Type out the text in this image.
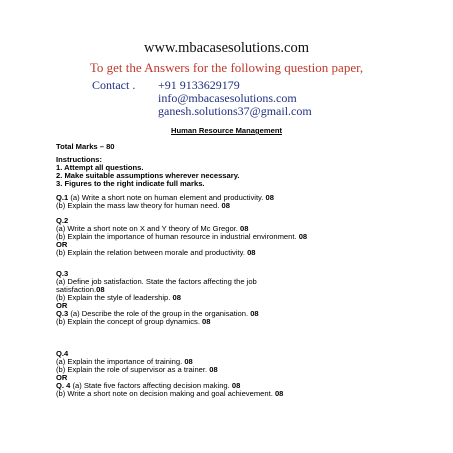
www.mbacasesolutions.com
To get the Answers for the following question paper,
Contact . +91 9133629179
info@mbacasesolutions.com
ganesh.solutions37@gmail.com
Human Resource Management
Total Marks – 80
Instructions:
1. Attempt all questions.
2. Make suitable assumptions wherever necessary.
3. Figures to the right indicate full marks.
Q.1 (a) Write a short note on human element and productivity. 08
(b) Explain the mass law theory for human need. 08
Q.2
(a) Write a short note on X and Y theory of Mc Gregor. 08
(b) Explain the importance of human resource in industrial environment. 08
OR
(b) Explain the relation between morale and productivity. 08
Q.3
(a) Define job satisfaction. State the factors affecting the job
satisfaction.08
(b) Explain the style of leadership. 08
OR
Q.3 (a) Describe the role of the group in the organisation. 08
(b) Explain the concept of group dynamics. 08
Q.4
(a) Explain the importance of training. 08
(b) Explain the role of supervisor as a trainer. 08
OR
Q. 4 (a) State five factors affecting decision making. 08
(b) Write a short note on decision making and goal achievement. 08
